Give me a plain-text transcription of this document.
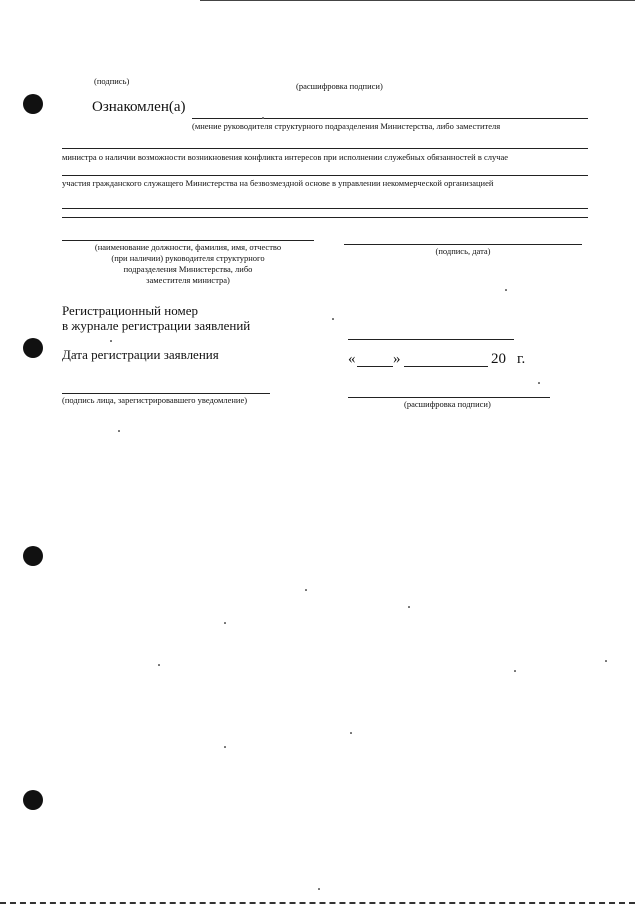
(подпись)	(расшифровка подписи)
Ознакомлен(а)
(мнение руководителя структурного подразделения Министерства, либо заместителя
министра о наличии возможности возникновения конфликта интересов при исполнении служебных обязанностей в случае
участия гражданского служащего Министерства на безвозмездной основе в управлении некоммерческой организацией
(наименование должности, фамилия, имя, отчество
(при наличии) руководителя структурного
подразделения Министерства, либо
заместителя министра)
(подпись, дата)
Регистрационный номер
в журнале регистрации заявлений
Дата регистрации заявления	«	»	20 г.
(подпись лица, зарегистрировавшего уведомление)	(расшифровка подписи)
